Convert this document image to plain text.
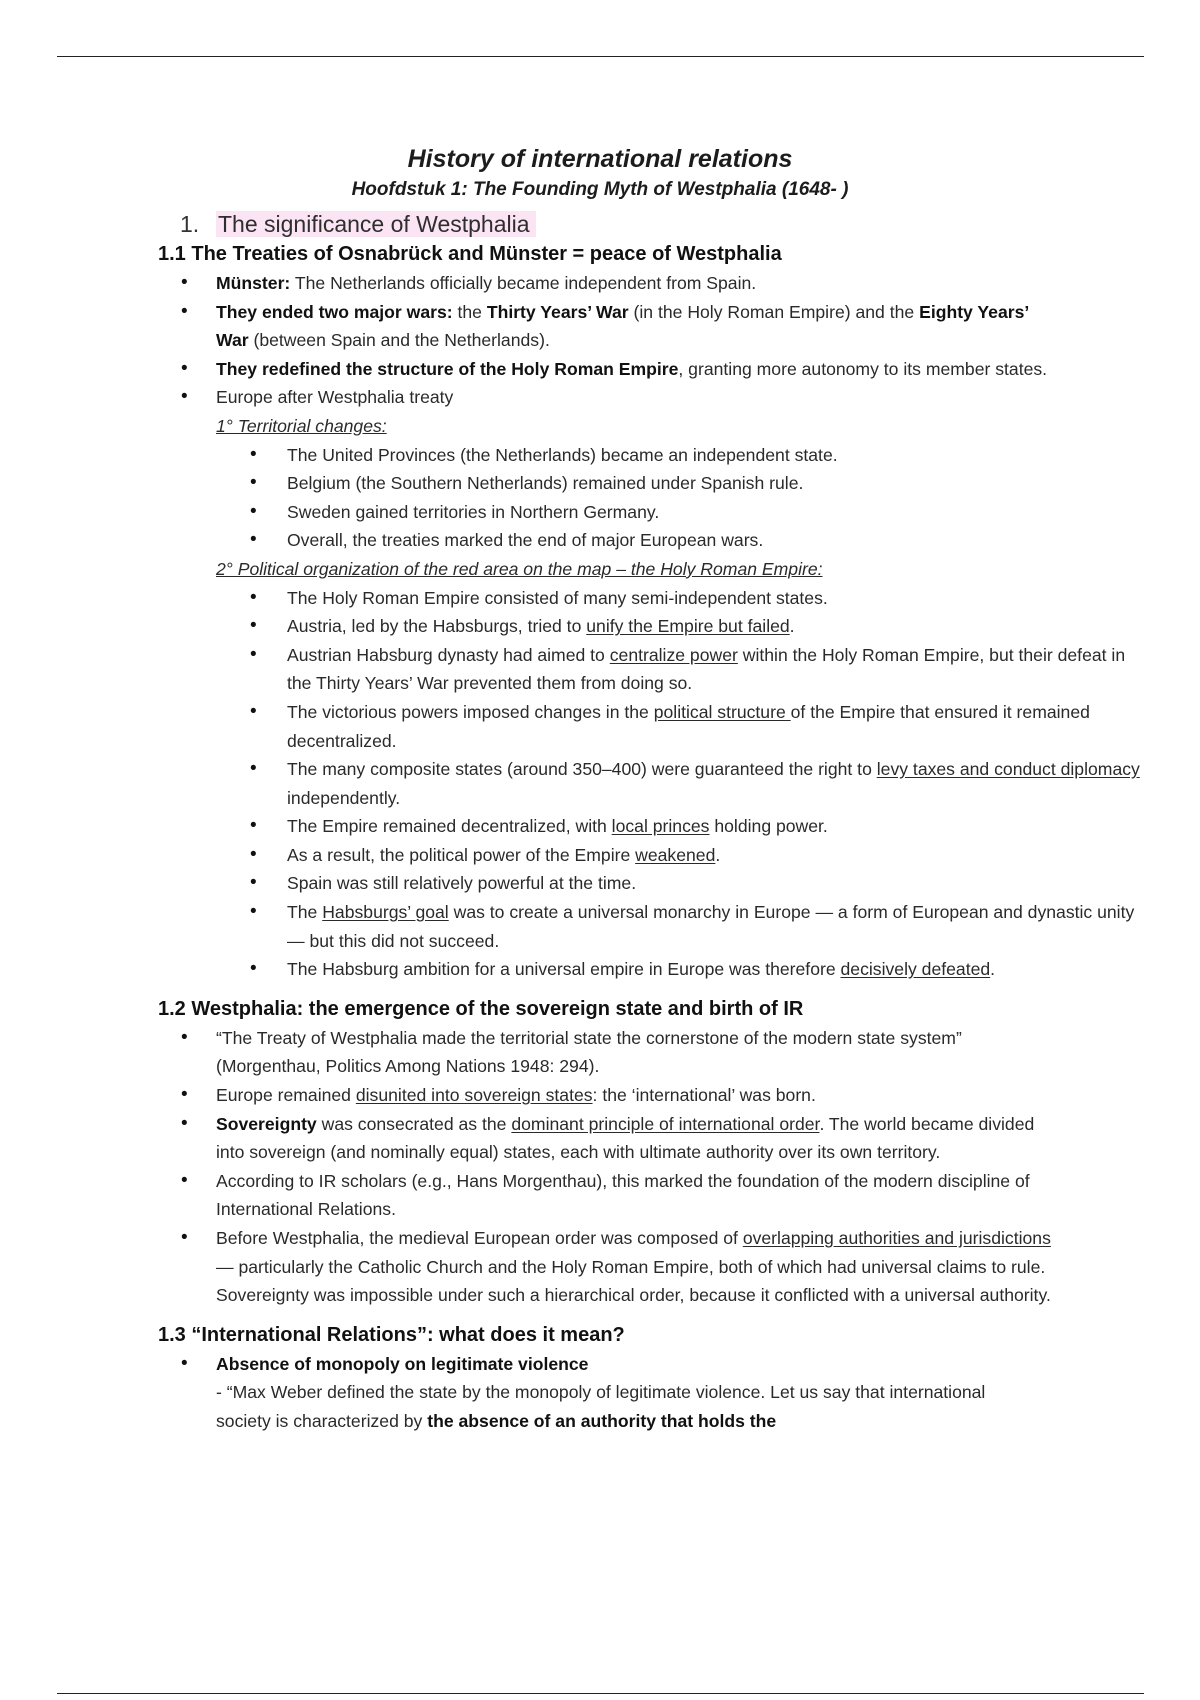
History of international relations
Hoofdstuk 1: The Founding Myth of Westphalia (1648- )
1. The significance of Westphalia
1.1 The Treaties of Osnabrück and Münster = peace of Westphalia
• Münster: The Netherlands officially became independent from Spain.
• They ended two major wars: the Thirty Years’ War (in the Holy Roman Empire) and the Eighty Years’ War (between Spain and the Netherlands).
• They redefined the structure of the Holy Roman Empire, granting more autonomy to its member states.
• Europe after Westphalia treaty
1° Territorial changes:
• The United Provinces (the Netherlands) became an independent state.
• Belgium (the Southern Netherlands) remained under Spanish rule.
• Sweden gained territories in Northern Germany.
• Overall, the treaties marked the end of major European wars.
2° Political organization of the red area on the map – the Holy Roman Empire:
• The Holy Roman Empire consisted of many semi-independent states.
• Austria, led by the Habsburgs, tried to unify the Empire but failed.
• Austrian Habsburg dynasty had aimed to centralize power within the Holy Roman Empire, but their defeat in the Thirty Years’ War prevented them from doing so.
• The victorious powers imposed changes in the political structure of the Empire that ensured it remained decentralized.
• The many composite states (around 350–400) were guaranteed the right to levy taxes and conduct diplomacy independently.
• The Empire remained decentralized, with local princes holding power.
• As a result, the political power of the Empire weakened.
• Spain was still relatively powerful at the time.
• The Habsburgs’ goal was to create a universal monarchy in Europe — a form of European and dynastic unity — but this did not succeed.
• The Habsburg ambition for a universal empire in Europe was therefore decisively defeated.
1.2 Westphalia: the emergence of the sovereign state and birth of IR
• “The Treaty of Westphalia made the territorial state the cornerstone of the modern state system” (Morgenthau, Politics Among Nations 1948: 294).
• Europe remained disunited into sovereign states: the ‘international’ was born.
• Sovereignty was consecrated as the dominant principle of international order. The world became divided into sovereign (and nominally equal) states, each with ultimate authority over its own territory.
• According to IR scholars (e.g., Hans Morgenthau), this marked the foundation of the modern discipline of International Relations.
• Before Westphalia, the medieval European order was composed of overlapping authorities and jurisdictions — particularly the Catholic Church and the Holy Roman Empire, both of which had universal claims to rule. Sovereignty was impossible under such a hierarchical order, because it conflicted with a universal authority.
1.3 “International Relations”: what does it mean?
• Absence of monopoly on legitimate violence
- “Max Weber defined the state by the monopoly of legitimate violence. Let us say that international society is characterized by the absence of an authority that holds the
